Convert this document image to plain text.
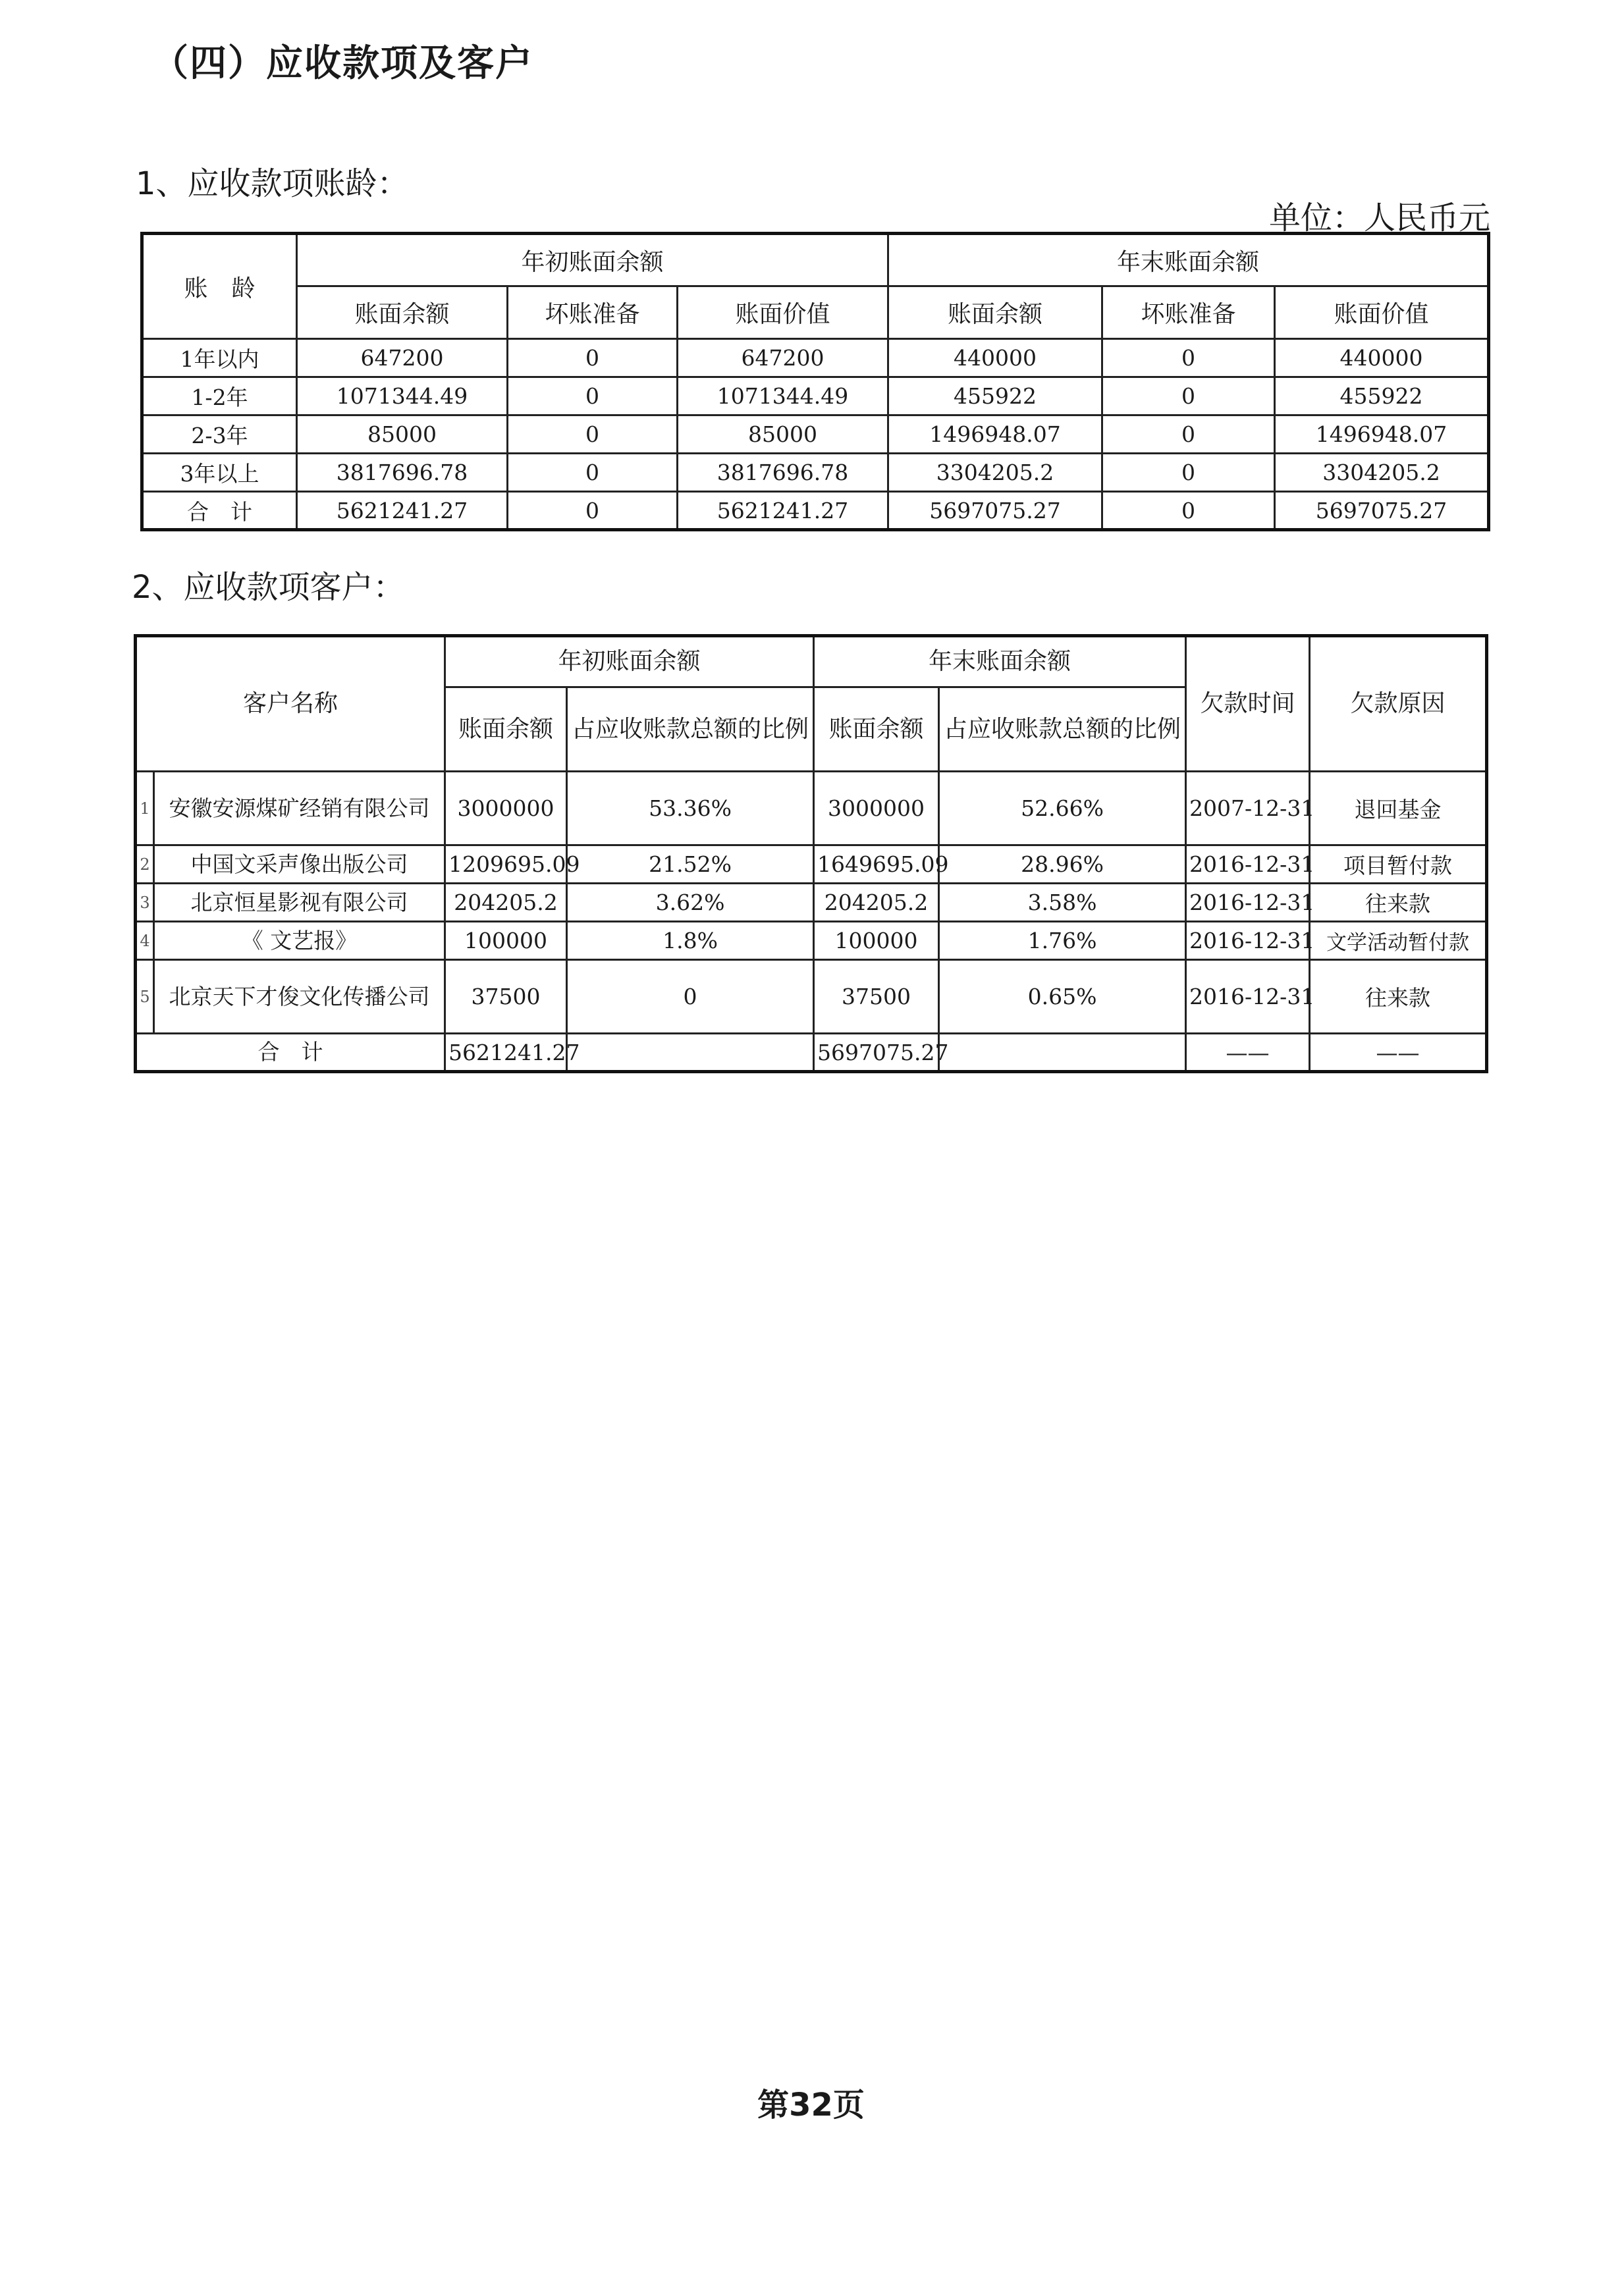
（四）应收款项及客户
1、应收款项账龄：
单位：人民币元
账　龄	年初账面余额			年末账面余额		
	账面余额	坏账准备	账面价值	账面余额	坏账准备	账面价值
1年以内	647200	0	647200	440000	0	440000
1-2年	1071344.49	0	1071344.49	455922	0	455922
2-3年	85000	0	85000	1496948.07	0	1496948.07
3年以上	3817696.78	0	3817696.78	3304205.2	0	3304205.2
合　计	5621241.27	0	5621241.27	5697075.27	0	5697075.27
2、应收款项客户：
客户名称		年初账面余额		年末账面余额		欠款时间	欠款原因
		账面余额	占应收账款总额的比例	账面余额	占应收账款总额的比例		
1	安徽安源煤矿经销有限公司	3000000	53.36%	3000000	52.66%	2007-12-31	退回基金
2	中国文采声像出版公司	1209695.09	21.52%	1649695.09	28.96%	2016-12-31	项目暂付款
3	北京恒星影视有限公司	204205.2	3.62%	204205.2	3.58%	2016-12-31	往来款
4	《 文艺报》	100000	1.8%	100000	1.76%	2016-12-31	文学活动暂付款
5	北京天下才俊文化传播公司	37500	0	37500	0.65%	2016-12-31	往来款
合　计		5621241.27		5697075.27		——	——
第32页
